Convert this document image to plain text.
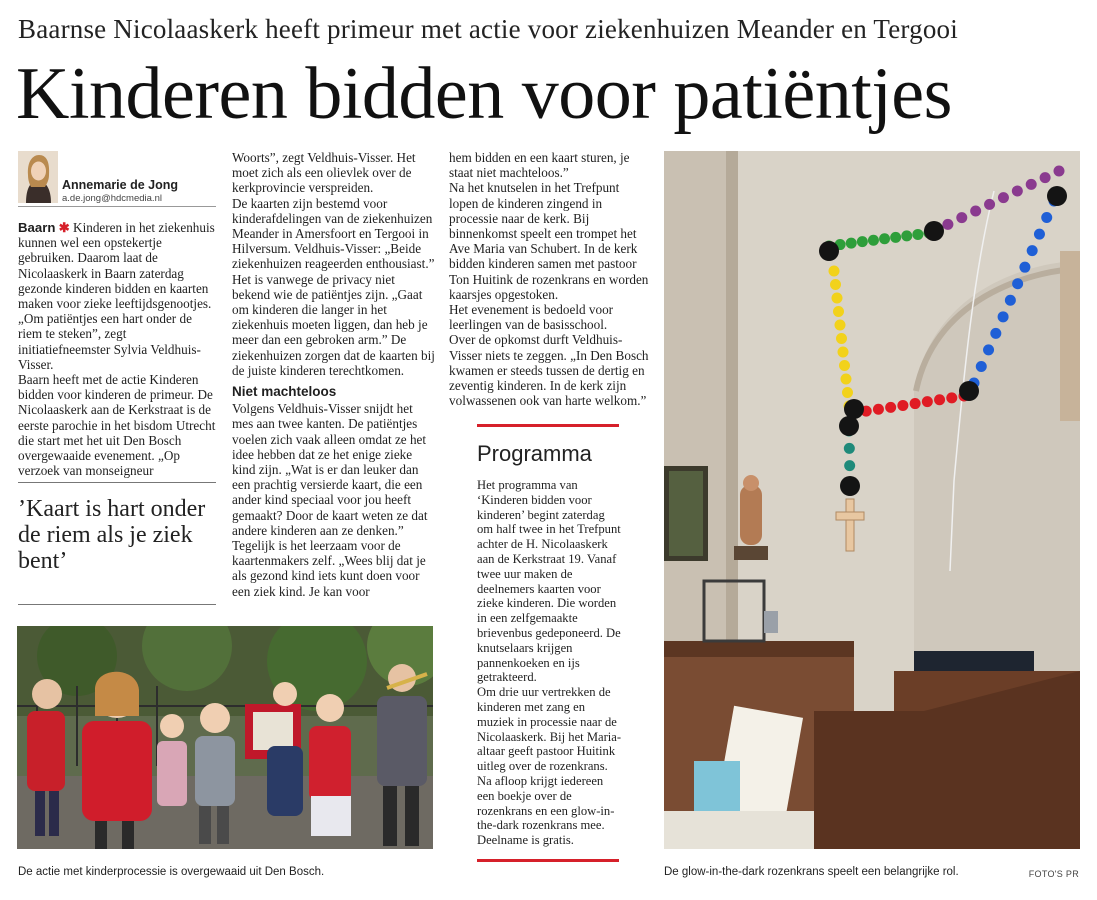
Baarnse Nicolaaskerk heeft primeur met actie voor ziekenhuizen Meander en Tergooi
Kinderen bidden voor patiëntjes
Annemarie de Jong
a.de.jong@hdcmedia.nl

Baarn ✱ Kinderen in het ziekenhuis kunnen wel een opstekertje gebruiken. Daarom laat de Nicolaaskerk in Baarn zaterdag gezonde kinderen bidden en kaarten maken voor zieke leeftijdsgenootjes. „Om patiëntjes een hart onder de riem te steken”, zegt initiatiefneemster Sylvia Veldhuis-Visser.

Baarn heeft met de actie Kinderen bidden voor kinderen de primeur. De Nicolaaskerk aan de Kerkstraat is de eerste parochie in het bisdom Utrecht die start met het uit Den Bosch overgewaaide evenement. „Op verzoek van monseigneur

’Kaart is hart onder de riem als je ziek bent’

Woorts”, zegt Veldhuis-Visser. Het moet zich als een olievlek over de kerkprovincie verspreiden.

De kaarten zijn bestemd voor kinderafdelingen van de ziekenhuizen Meander in Amersfoort en Tergooi in Hilversum. Veldhuis-Visser: „Beide ziekenhuizen reageerden enthousiast.” Het is vanwege de privacy niet bekend wie de patiëntjes zijn. „Gaat om kinderen die langer in het ziekenhuis moeten liggen, dan heb je meer dan een gebroken arm.” De ziekenhuizen zorgen dat de kaarten bij de juiste kinderen terechtkomen.

Niet machteloos

Volgens Veldhuis-Visser snijdt het mes aan twee kanten. De patiëntjes voelen zich vaak alleen omdat ze het idee hebben dat ze het enige zieke kind zijn. „Wat is er dan leuker dan een prachtig versierde kaart, die een ander kind speciaal voor jou heeft gemaakt? Door de kaart weten ze dat andere kinderen aan ze denken.”

Tegelijk is het leerzaam voor de kaartenmakers zelf. „Wees blij dat je als gezond kind iets kunt doen voor een ziek kind. Je kan voor

hem bidden en een kaart sturen, je staat niet machteloos.”

Na het knutselen in het Trefpunt lopen de kinderen zingend in processie naar de kerk. Bij binnenkomst speelt een trompet het Ave Maria van Schubert. In de kerk bidden kinderen samen met pastoor Ton Huitink de rozenkrans en worden kaarsjes opgestoken.

Het evenement is bedoeld voor leerlingen van de basisschool.

Over de opkomst durft Veldhuis-Visser niets te zeggen. „In Den Bosch kwamen er steeds tussen de dertig en zeventig kinderen. In de kerk zijn volwassenen ook van harte welkom.”

Programma

Het programma van ‘Kinderen bidden voor kinderen’ begint zaterdag om half twee in het Trefpunt achter de H. Nicolaaskerk aan de Kerkstraat 19. Vanaf twee uur maken de deelnemers kaarten voor zieke kinderen. Die worden in een zelfgemaakte brievenbus gedeponeerd. De knutselaars krijgen pannenkoeken en ijs getrakteerd.

Om drie uur vertrekken de kinderen met zang en muziek in processie naar de Nicolaaskerk. Bij het Maria-altaar geeft pastoor Huitink uitleg over de rozenkrans. Na afloop krijgt iedereen een boekje over de rozenkrans en een glow-in-the-dark rozenkrans mee. Deelname is gratis.

De actie met kinderprocessie is overgewaaid uit Den Bosch.	De glow-in-the-dark rozenkrans speelt een belangrijke rol.	FOTO'S PR
